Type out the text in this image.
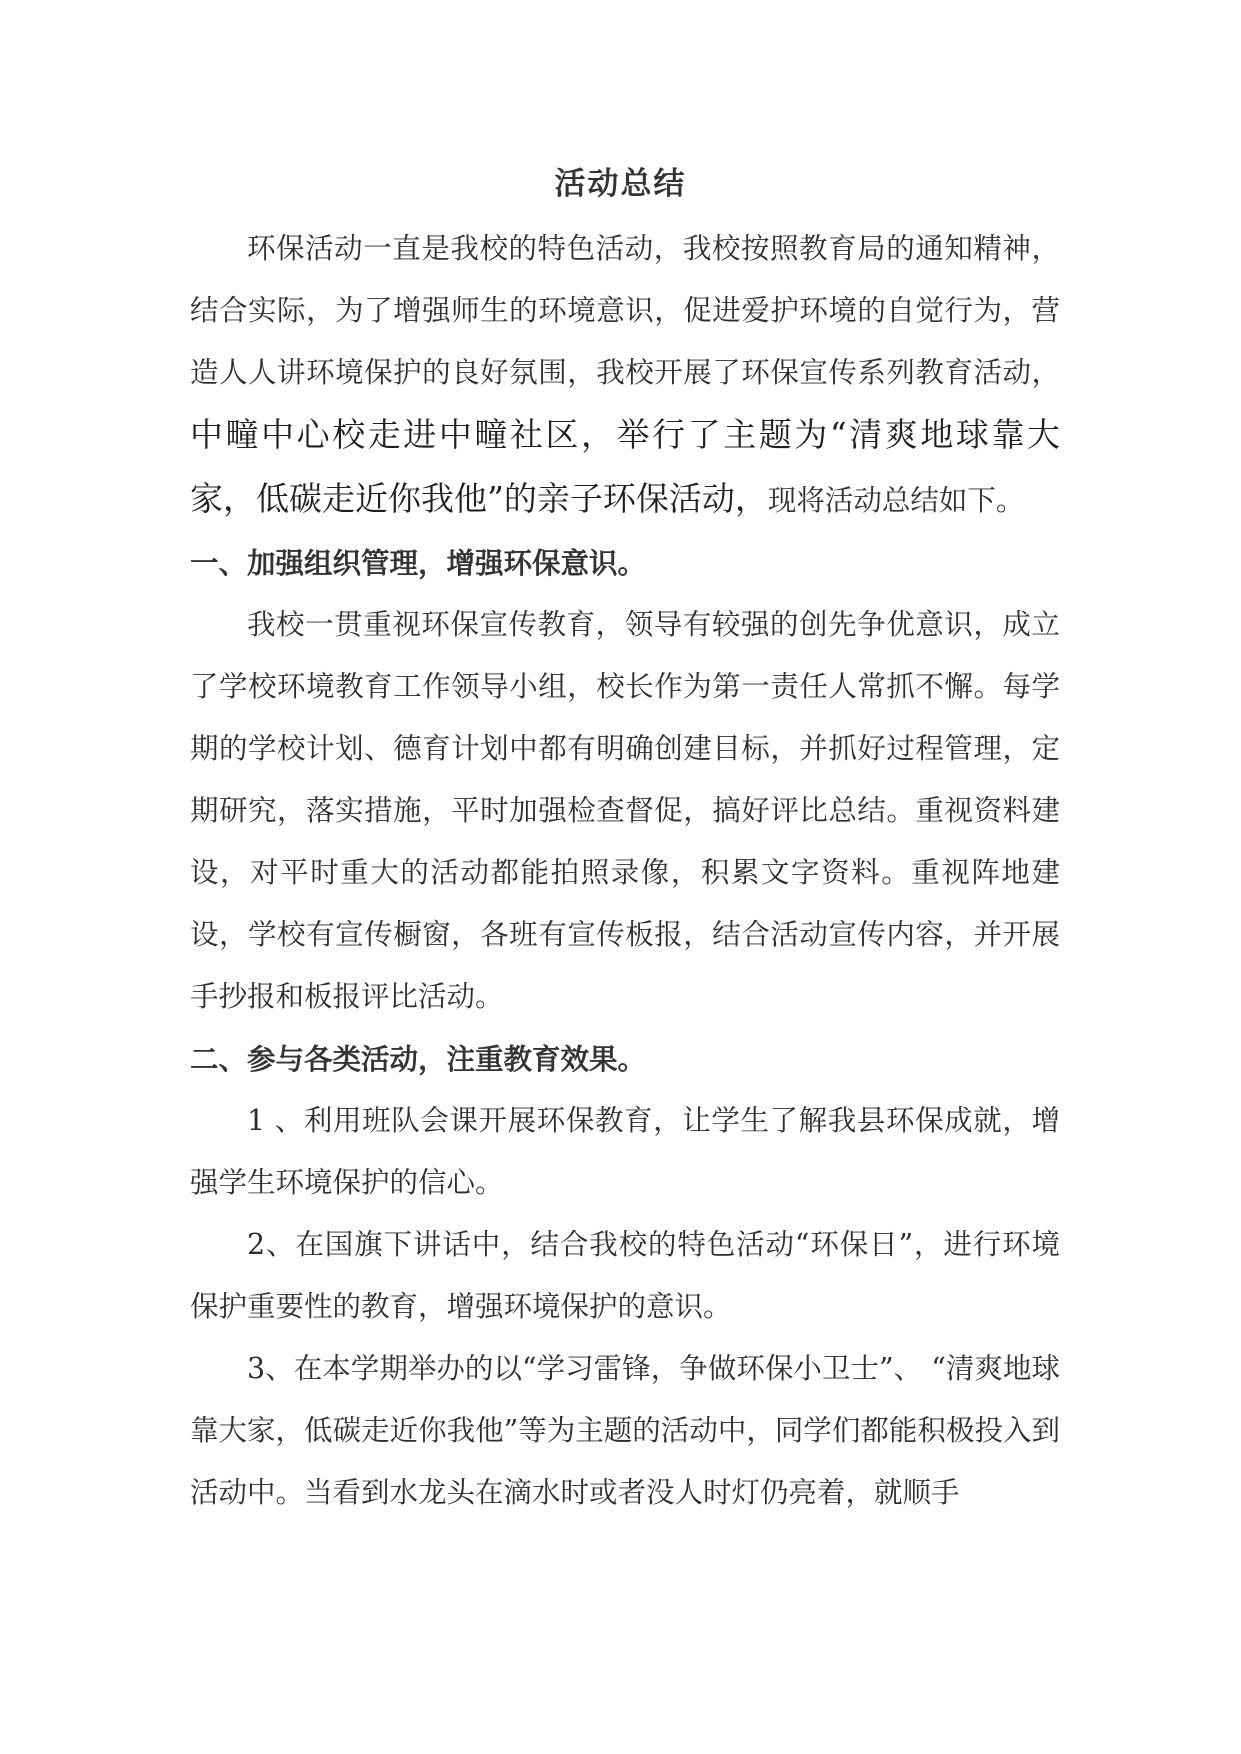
活动总结

环保活动一直是我校的特色活动，我校按照教育局的通知精神，结合实际，为了增强师生的环境意识，促进爱护环境的自觉行为，营造人人讲环境保护的良好氛围，我校开展了环保宣传系列教育活动，中疃中心校走进中疃社区，举行了主题为“清爽地球靠大家，低碳走近你我他”的亲子环保活动，现将活动总结如下。

一、加强组织管理，增强环保意识。

我校一贯重视环保宣传教育，领导有较强的创先争优意识，成立了学校环境教育工作领导小组，校长作为第一责任人常抓不懈。每学期的学校计划、德育计划中都有明确创建目标，并抓好过程管理，定期研究，落实措施，平时加强检查督促，搞好评比总结。重视资料建设，对平时重大的活动都能拍照录像，积累文字资料。重视阵地建设，学校有宣传橱窗，各班有宣传板报，结合活动宣传内容，并开展手抄报和板报评比活动。

二、参与各类活动，注重教育效果。

1 、利用班队会课开展环保教育，让学生了解我县环保成就，增强学生环境保护的信心。

2、在国旗下讲话中，结合我校的特色活动“环保日”，进行环境保护重要性的教育，增强环境保护的意识。

3、在本学期举办的以“学习雷锋，争做环保小卫士”、 “清爽地球靠大家，低碳走近你我他”等为主题的活动中，同学们都能积极投入到活动中。当看到水龙头在滴水时或者没人时灯仍亮着，就顺手
